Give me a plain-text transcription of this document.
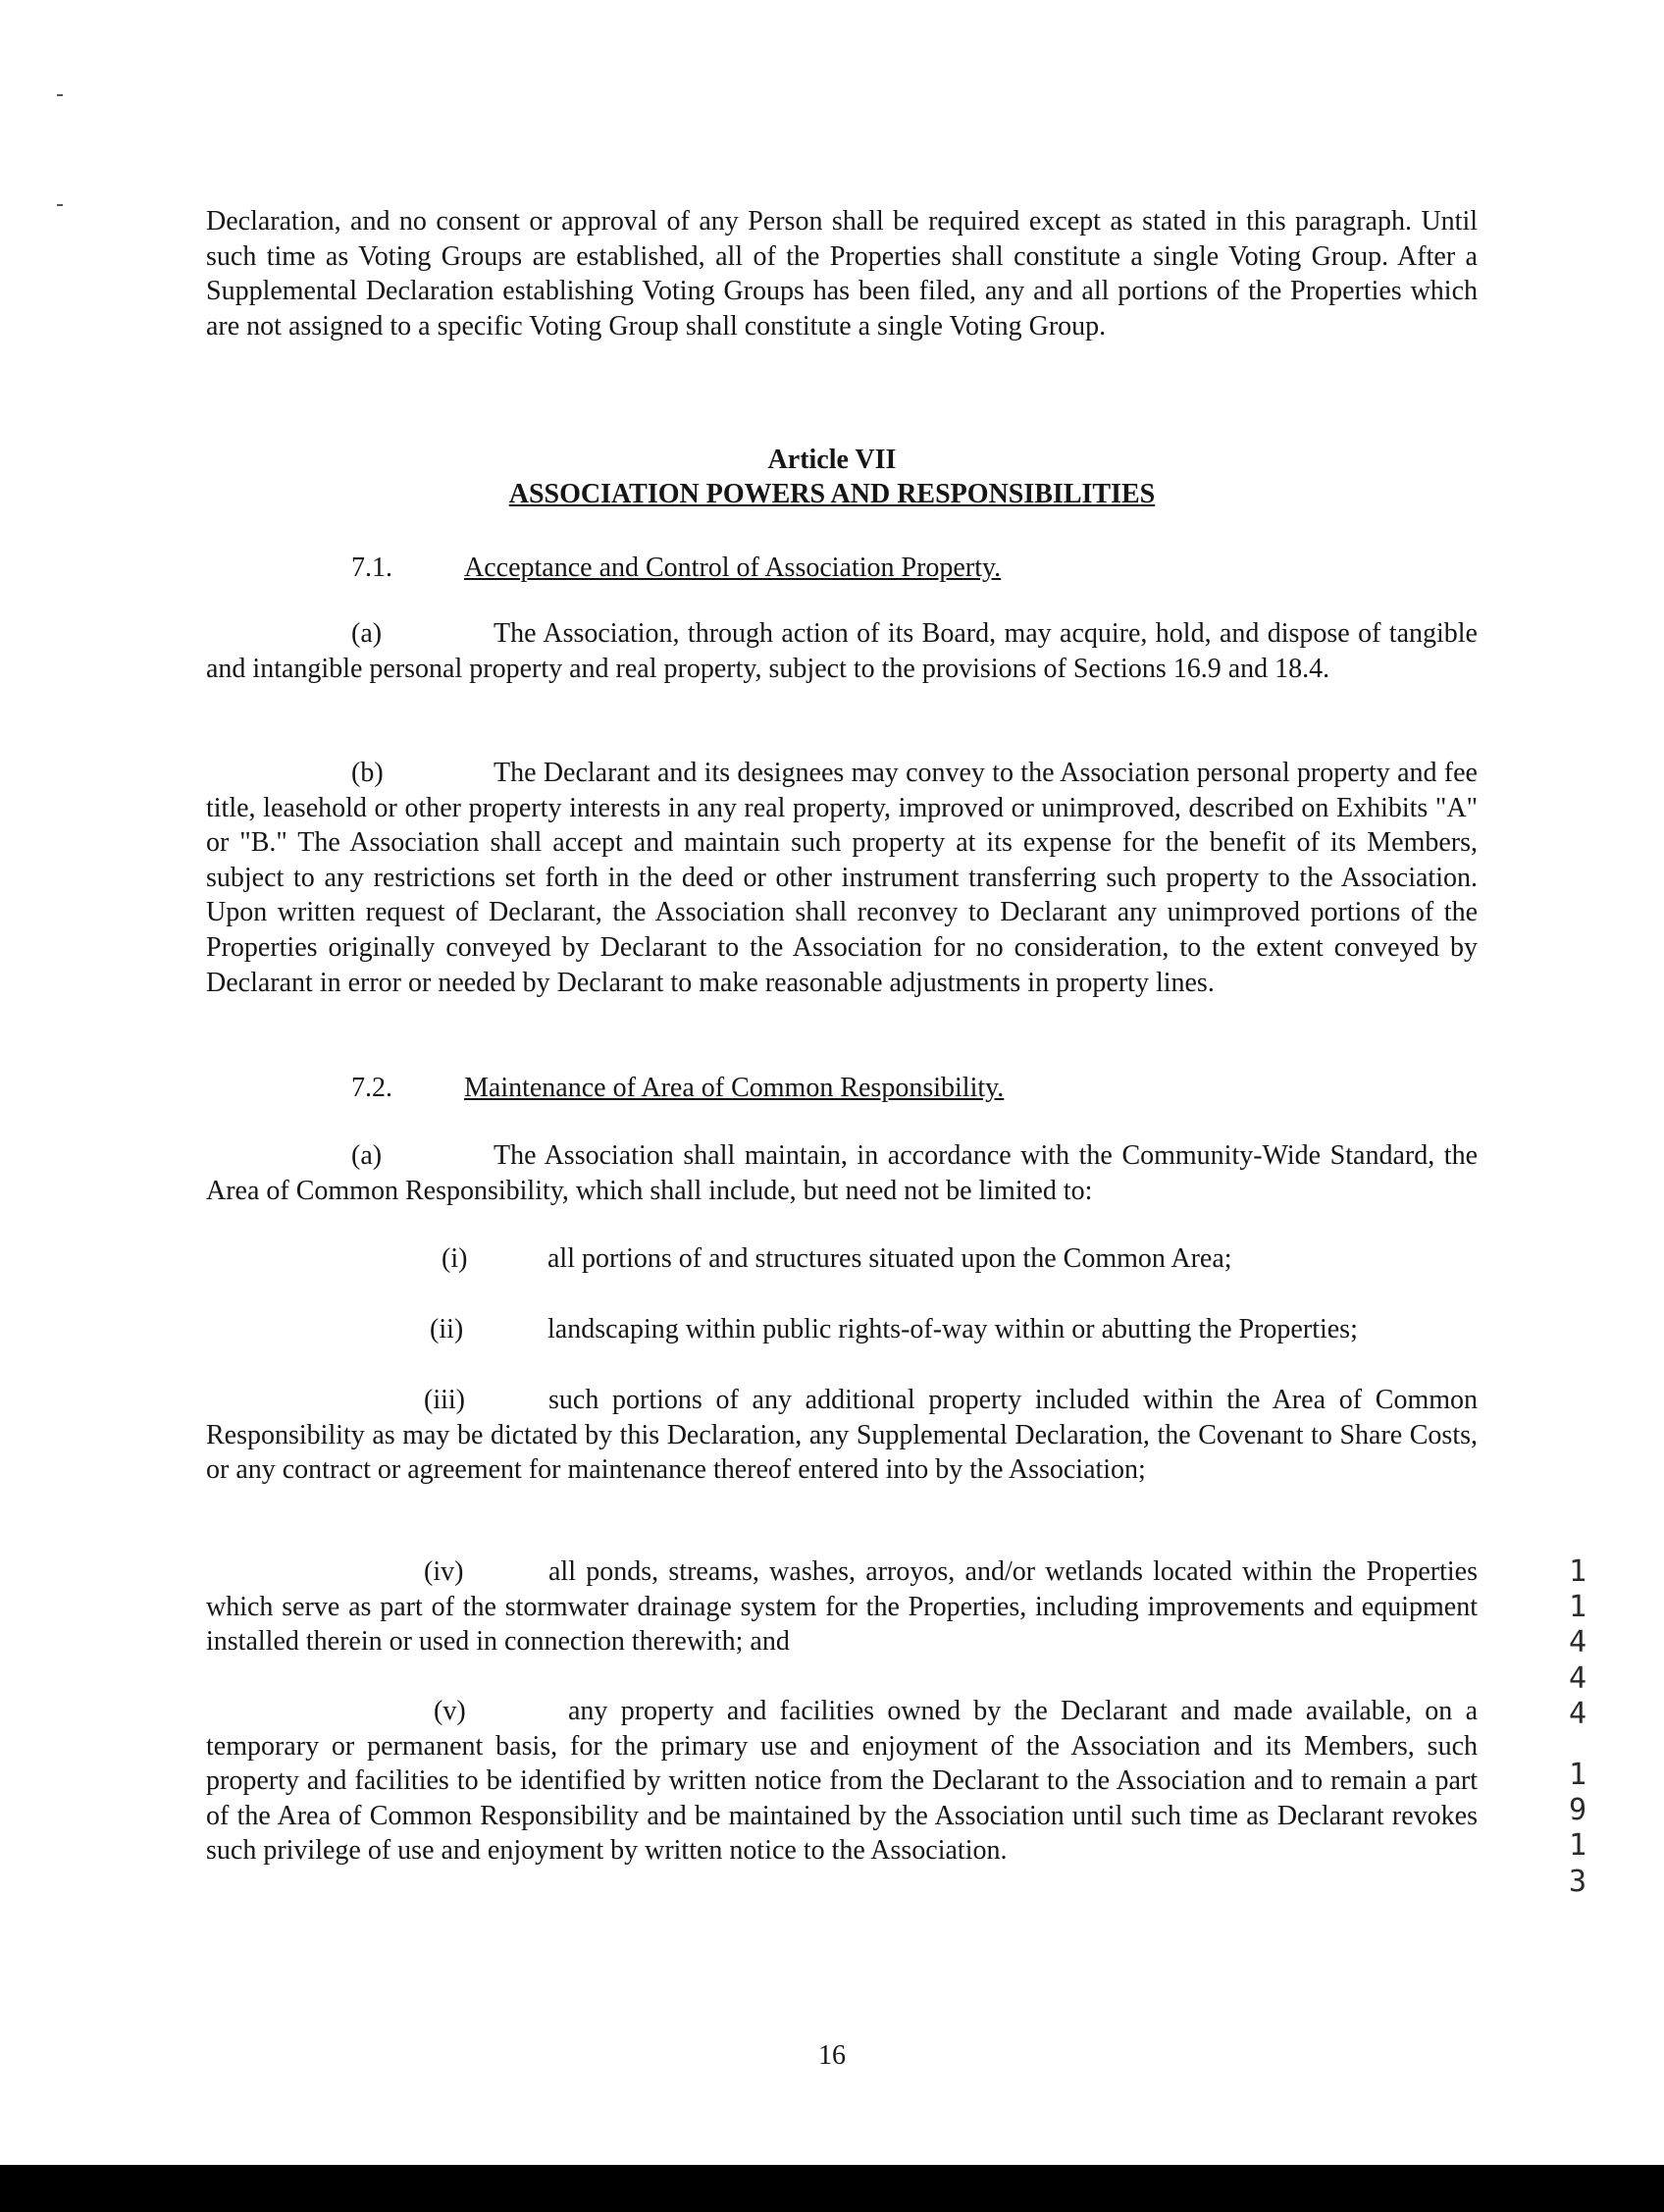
Declaration, and no consent or approval of any Person shall be required except as stated in this paragraph. Until such time as Voting Groups are established, all of the Properties shall constitute a single Voting Group. After a Supplemental Declaration establishing Voting Groups has been filed, any and all portions of the Properties which are not assigned to a specific Voting Group shall constitute a single Voting Group.

Article VII

ASSOCIATION POWERS AND RESPONSIBILITIES

7.1.	Acceptance and Control of Association Property.

(a)	The Association, through action of its Board, may acquire, hold, and dispose of tangible and intangible personal property and real property, subject to the provisions of Sections 16.9 and 18.4.

(b)	The Declarant and its designees may convey to the Association personal property and fee title, leasehold or other property interests in any real property, improved or unimproved, described on Exhibits "A" or "B." The Association shall accept and maintain such property at its expense for the benefit of its Members, subject to any restrictions set forth in the deed or other instrument transferring such property to the Association. Upon written request of Declarant, the Association shall reconvey to Declarant any unimproved portions of the Properties originally conveyed by Declarant to the Association for no consideration, to the extent conveyed by Declarant in error or needed by Declarant to make reasonable adjustments in property lines.

7.2.	Maintenance of Area of Common Responsibility.

(a)	The Association shall maintain, in accordance with the Community-Wide Standard, the Area of Common Responsibility, which shall include, but need not be limited to:

(i)	all portions of and structures situated upon the Common Area;
(ii)	landscaping within public rights-of-way within or abutting the Properties;

(iii)	such portions of any additional property included within the Area of Common Responsibility as may be dictated by this Declaration, any Supplemental Declaration, the Covenant to Share Costs, or any contract or agreement for maintenance thereof entered into by the Association;

(iv)	all ponds, streams, washes, arroyos, and/or wetlands located within the Properties which serve as part of the stormwater drainage system for the Properties, including improvements and equipment installed therein or used in connection therewith; and

(v)	any property and facilities owned by the Declarant and made available, on a temporary or permanent basis, for the primary use and enjoyment of the Association and its Members, such property and facilities to be identified by written notice from the Declarant to the Association and to remain a part of the Area of Common Responsibility and be maintained by the Association until such time as Declarant revokes such privilege of use and enjoyment by written notice to the Association.

1
1
4
4
4
1
9
1
3
16
